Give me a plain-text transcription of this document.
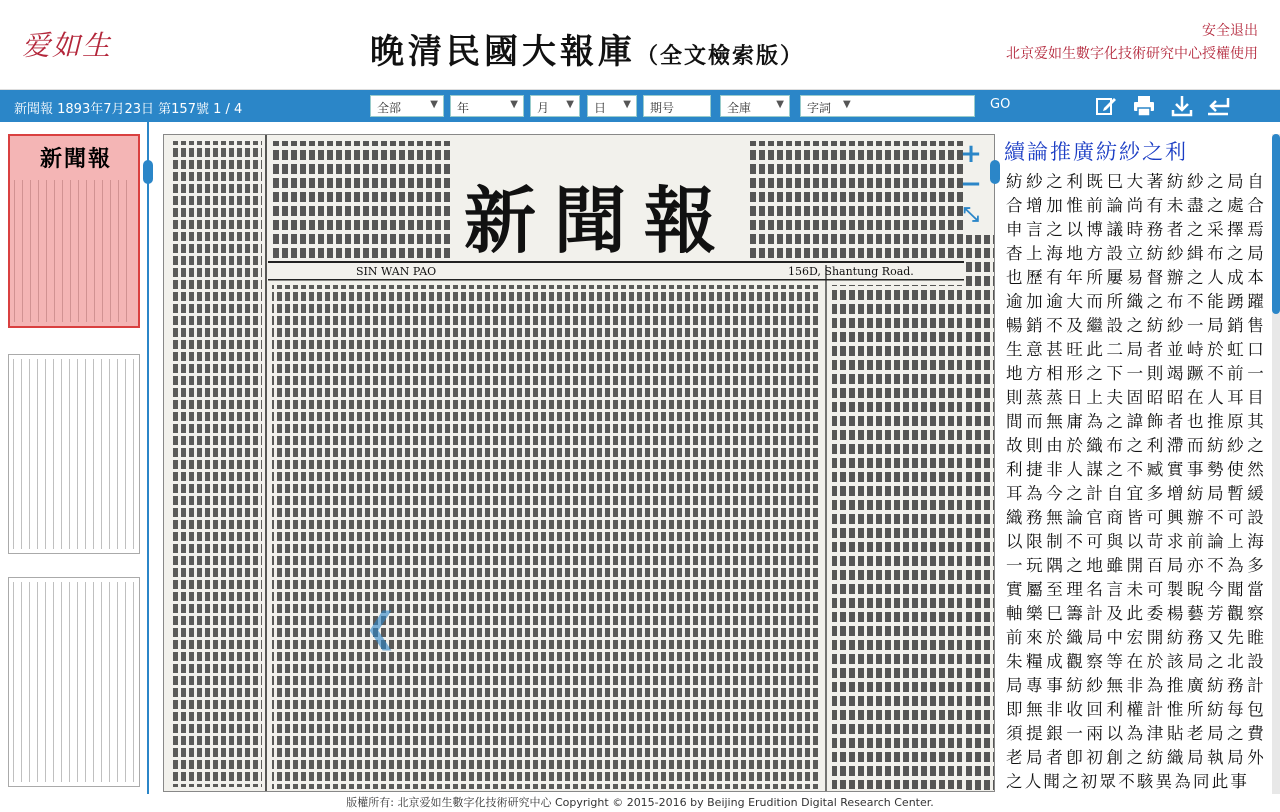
爱如生	晚清民國大報庫（全文檢索版）
安全退出
北京爱如生數字化技術研究中心授權使用
新聞報 1893年7月23日 第157號 1 / 4	全部	▼	年	▼	月 ▼	日 ▼	期号	全庫	▼	字詞 ▼	GO
新聞報
新聞報
SIN WAN PAO	156D, Shantung Road.
❮
+
−
⤡
續論推廣紡紗之利
紡紗之利既巳大著紡紗之局自合增加惟前論尚有未盡之處合申言之以博議時務者之采擇焉杳上海地方設立紡紗緝布之局也歷有年所屢易督辦之人成本逾加逾大而所織之布不能踴躍暢銷不及繼設之紡紗一局銷售生意甚旺此二局者並峙於虹口地方相形之下一則竭蹶不前一則蒸蒸日上夫固昭昭在人耳目間而無庸為之諱飾者也推原其故則由於織布之利滯而紡紗之利捷非人謀之不臧實事勢使然耳為今之計自宜多增紡局暫緩織務無論官商皆可興辦不可設以限制不可與以苛求前論上海一玩隅之地雖開百局亦不為多實屬至理名言未可製睨今聞當軸樂巳籌計及此委楊藝芳觀察前來於織局中宏開紡務又先睢朱糧成觀察等在於該局之北設局專事紡紗無非為推廣紡務計即無非收回利權計惟所紡每包須提銀一兩以為津貼老局之費老局者卽初創之紡織局執局外之人聞之初眾不駭異為同此事
版權所有: 北京爱如生數字化技術研究中心 Copyright © 2015-2016 by Beijing Erudition Digital Research Center.
